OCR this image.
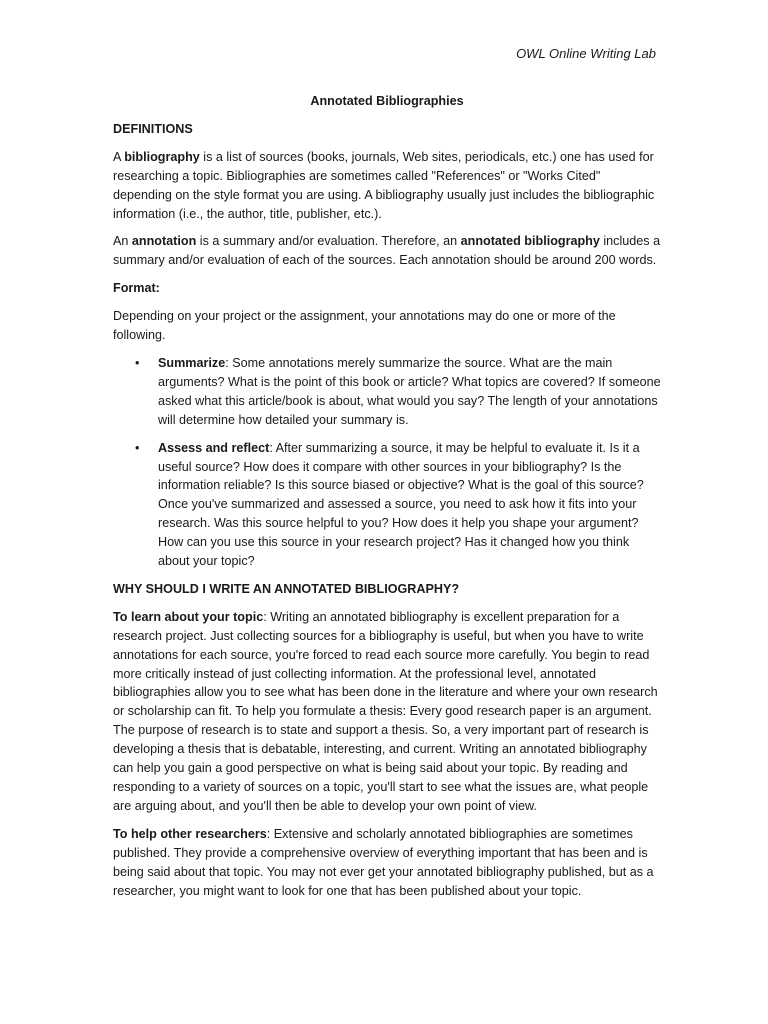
OWL Online Writing Lab
Annotated Bibliographies
DEFINITIONS

A bibliography is a list of sources (books, journals, Web sites, periodicals, etc.) one has used for researching a topic. Bibliographies are sometimes called "References" or "Works Cited" depending on the style format you are using. A bibliography usually just includes the bibliographic information (i.e., the author, title, publisher, etc.).

An annotation is a summary and/or evaluation. Therefore, an annotated bibliography includes a summary and/or evaluation of each of the sources. Each annotation should be around 200 words.

Format:

Depending on your project or the assignment, your annotations may do one or more of the following.

• Summarize: Some annotations merely summarize the source. What are the main arguments? What is the point of this book or article? What topics are covered? If someone asked what this article/book is about, what would you say? The length of your annotations will determine how detailed your summary is.
• Assess and reflect: After summarizing a source, it may be helpful to evaluate it. Is it a useful source? How does it compare with other sources in your bibliography? Is the information reliable? Is this source biased or objective? What is the goal of this source? Once you've summarized and assessed a source, you need to ask how it fits into your research. Was this source helpful to you? How does it help you shape your argument? How can you use this source in your research project? Has it changed how you think about your topic?
WHY SHOULD I WRITE AN ANNOTATED BIBLIOGRAPHY?

To learn about your topic: Writing an annotated bibliography is excellent preparation for a research project. Just collecting sources for a bibliography is useful, but when you have to write annotations for each source, you're forced to read each source more carefully. You begin to read more critically instead of just collecting information. At the professional level, annotated bibliographies allow you to see what has been done in the literature and where your own research or scholarship can fit. To help you formulate a thesis: Every good research paper is an argument. The purpose of research is to state and support a thesis. So, a very important part of research is developing a thesis that is debatable, interesting, and current. Writing an annotated bibliography can help you gain a good perspective on what is being said about your topic. By reading and responding to a variety of sources on a topic, you'll start to see what the issues are, what people are arguing about, and you'll then be able to develop your own point of view.

To help other researchers: Extensive and scholarly annotated bibliographies are sometimes published. They provide a comprehensive overview of everything important that has been and is being said about that topic. You may not ever get your annotated bibliography published, but as a researcher, you might want to look for one that has been published about your topic.
